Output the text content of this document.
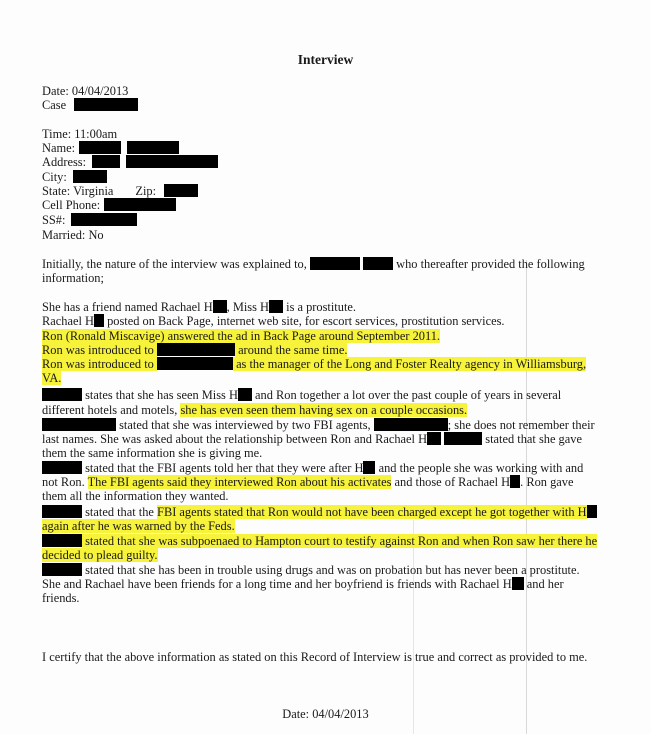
Interview
Date: 04/04/2013
Case
Time: 11:00am
Name:
Address:
City:
State: Virginia Zip:
Cell Phone:
SS#:
Married: No
Initially, the nature of the interview was explained to,	who thereafter provided the following
information;
She has a friend named Rachael H , Miss H is a prostitute.
Rachael H posted on Back Page, internet web site, for escort services, prostitution services.
Ron (Ronald Miscavige) answered the ad in Back Page around September 2011.
Ron was introduced to	around the same time.
Ron was introduced to	as the manager of the Long and Foster Realty agency in Williamsburg,
VA.
states that she has seen Miss H and Ron together a lot over the past couple of years in several
different hotels and motels, she has even seen them having sex on a couple occasions.
stated that she was interviewed by two FBI agents,	; she does not remember their
last names. She was asked about the relationship between Ron and Rachael H	stated that she gave
them the same information she is giving me.
stated that the FBI agents told her that they were after H and the people she was working with and
not Ron. The FBI agents said they interviewed Ron about his activates and those of Rachael H . Ron gave
them all the information they wanted.
stated that the FBI agents stated that Ron would not have been charged except he got together with H
again after he was warned by the Feds.
stated that she was subpoenaed to Hampton court to testify against Ron and when Ron saw her there he
decided to plead guilty.
stated that she has been in trouble using drugs and was on probation but has never been a prostitute.
She and Rachael have been friends for a long time and her boyfriend is friends with Rachael H and her
friends.
I certify that the above information as stated on this Record of Interview is true and correct as provided to me.
Date: 04/04/2013
